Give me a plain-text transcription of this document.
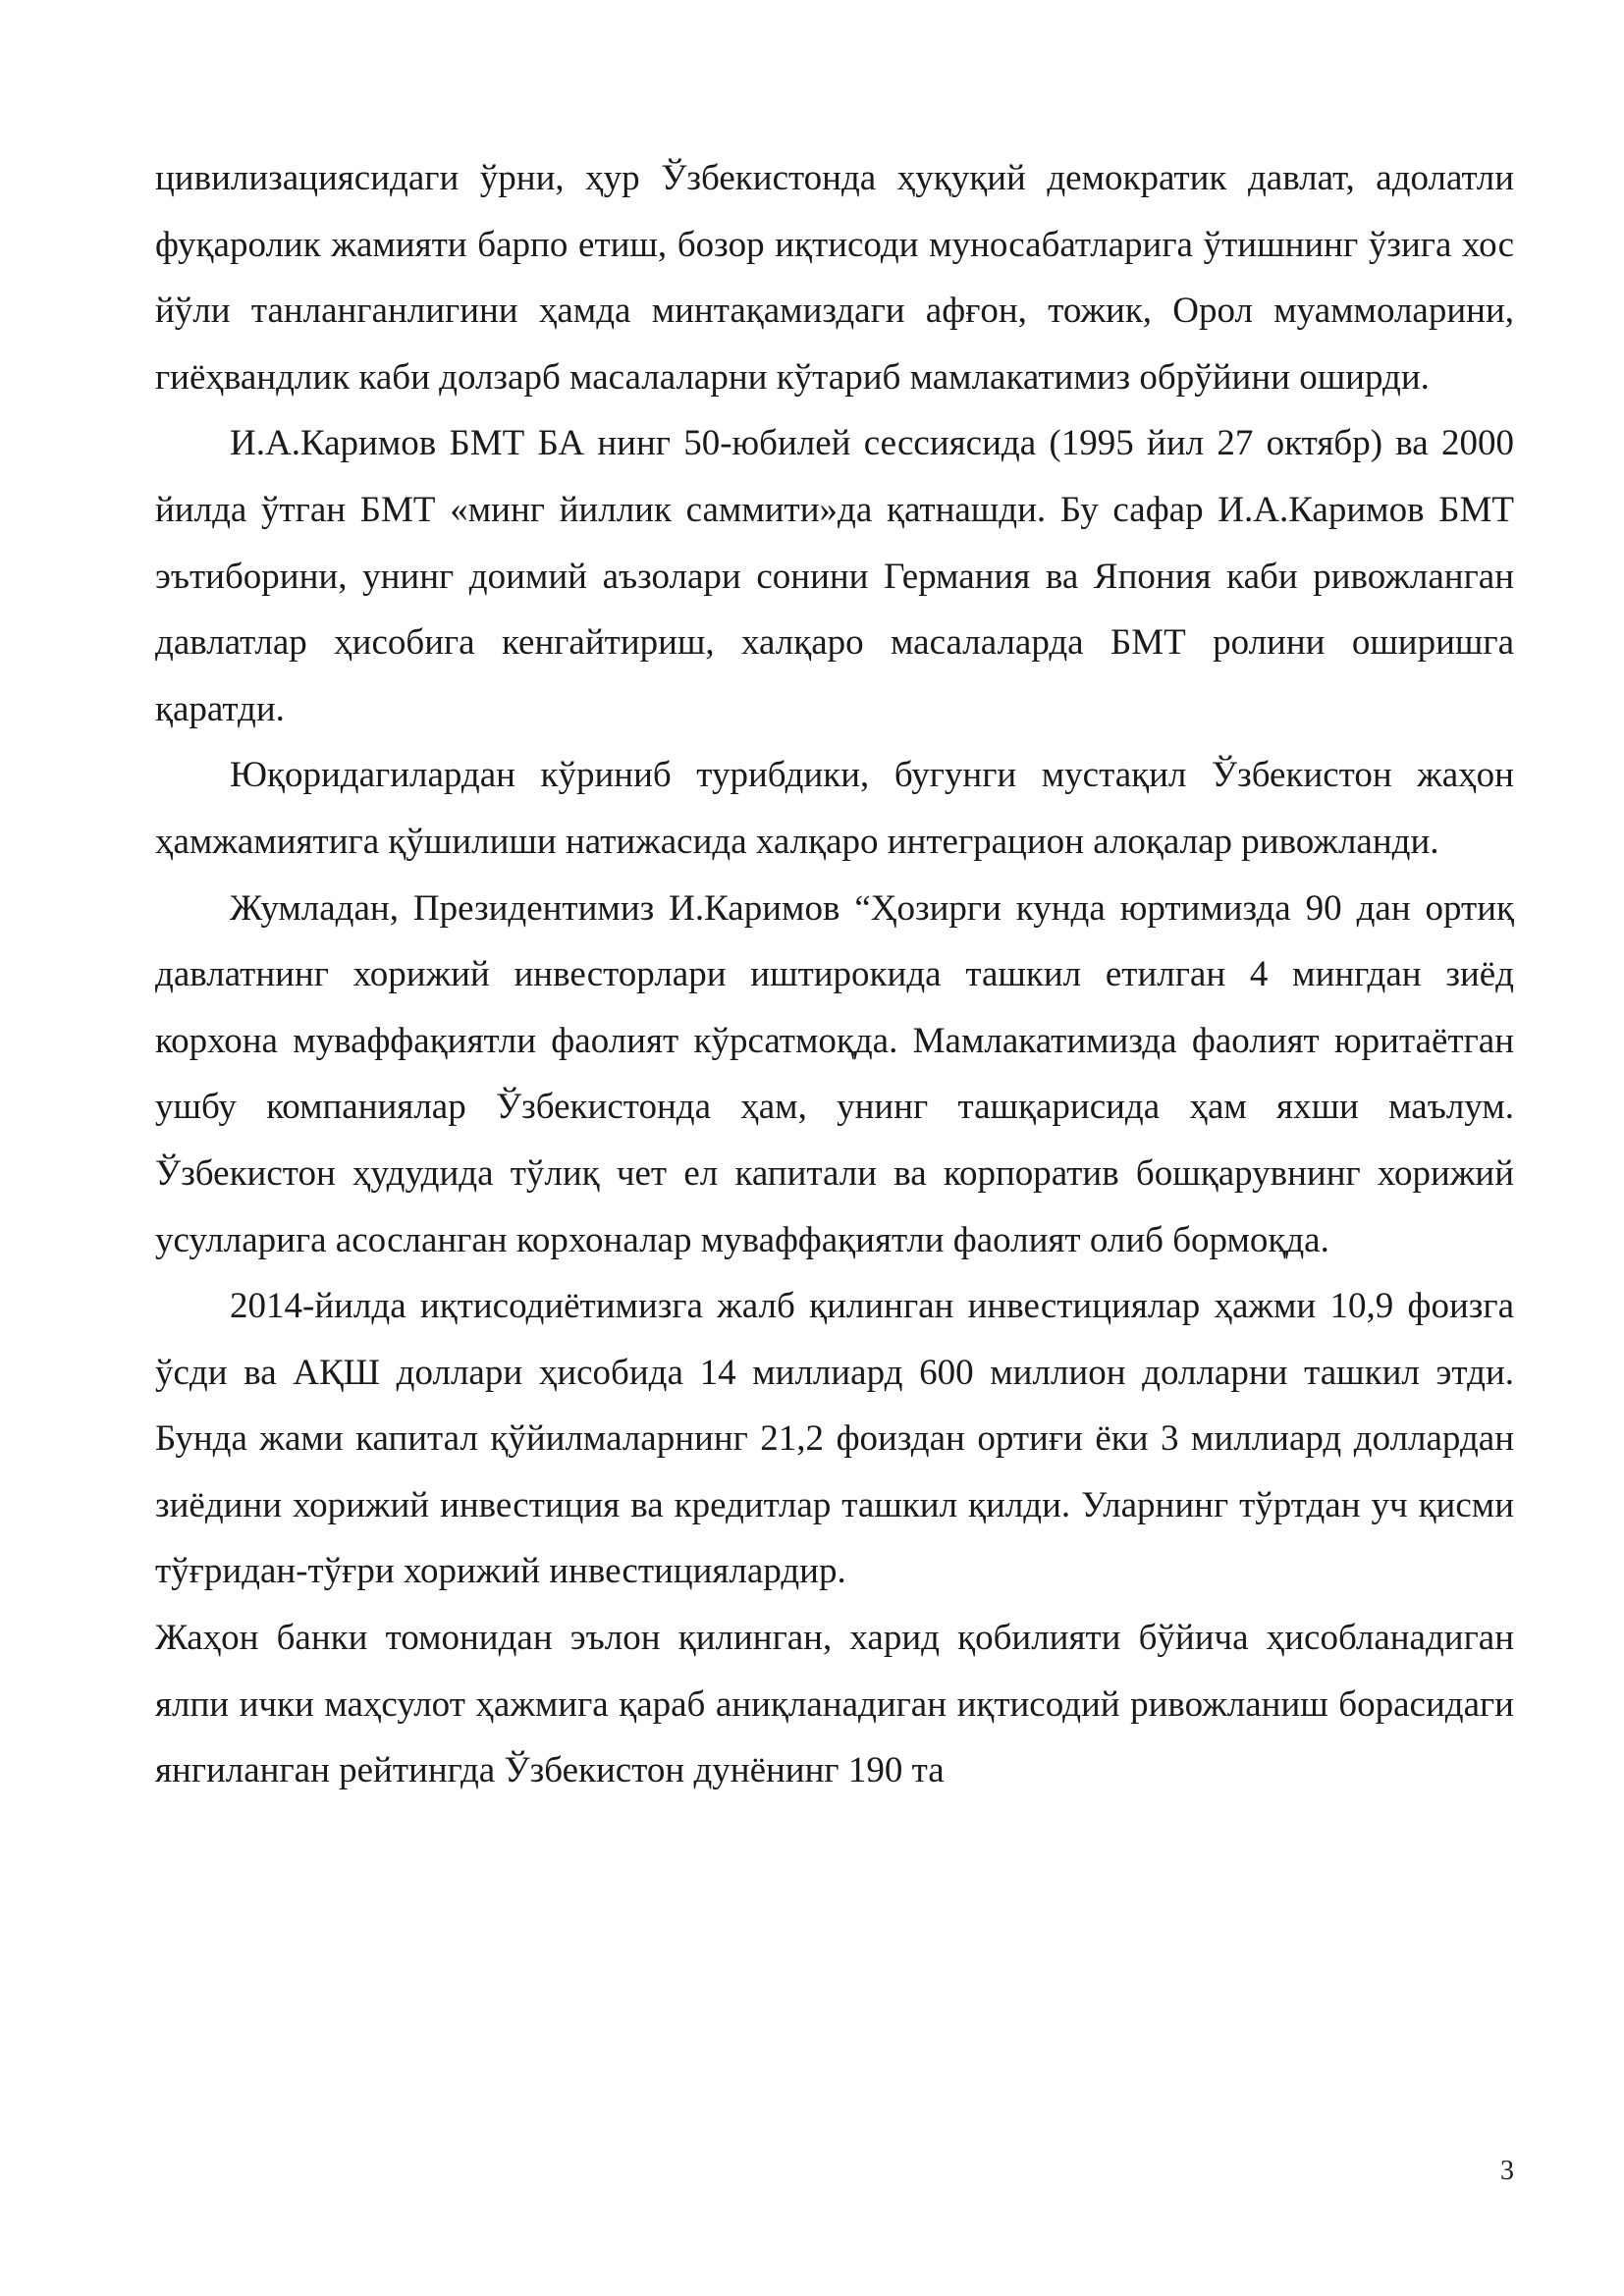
цивилизациясидаги ўрни, ҳур Ўзбекистонда ҳуқуқий демократик давлат, адолатли фуқаролик жамияти барпо етиш, бозор иқтисоди муносабатларига ўтишнинг ўзига хос йўли танланганлигини ҳамда минтақамиздаги афғон, тожик, Орол муаммоларини, гиёҳвандлик каби долзарб масалаларни кўтариб мамлакатимиз обрўйини оширди.

И.А.Каримов БМТ БА нинг 50-юбилей сессиясида (1995 йил 27 октябр) ва 2000 йилда ўтган БМТ «минг йиллик саммити»да қатнашди. Бу сафар И.А.Каримов БМТ эътиборини, унинг доимий аъзолари сонини Германия ва Япония каби ривожланган давлатлар ҳисобига кенгайтириш, халқаро масалаларда БМТ ролини оширишга қаратди.

Юқоридагилардан кўриниб турибдики, бугунги мустақил Ўзбекистон жаҳон ҳамжамиятига қўшилиши натижасида халқаро интеграцион алоқалар ривожланди.

Жумладан, Президентимиз И.Каримов “Ҳозирги кунда юртимизда 90 дан ортиқ давлатнинг хорижий инвесторлари иштирокида ташкил етилган 4 мингдан зиёд корхона муваффақиятли фаолият кўрсатмоқда. Мамлакатимизда фаолият юритаётган ушбу компаниялар Ўзбекистонда ҳам, унинг ташқарисида ҳам яхши маълум. Ўзбекистон ҳудудида тўлиқ чет ел капитали ва корпоратив бошқарувнинг хорижий усулларига асосланган корхоналар муваффақиятли фаолият олиб бормоқда.

2014-йилда иқтисодиётимизга жалб қилинган инвестициялар ҳажми 10,9 фоизга ўсди ва АҚШ доллари ҳисобида 14 миллиард 600 миллион долларни ташкил этди. Бунда жами капитал қўйилмаларнинг 21,2 фоиздан ортиғи ёки 3 миллиард доллардан зиёдини хорижий инвестиция ва кредитлар ташкил қилди. Уларнинг тўртдан уч қисми тўғридан-тўғри хорижий инвестициялардир.

Жаҳон банки томонидан эълон қилинган, харид қобилияти бўйича ҳисобланадиган ялпи ички маҳсулот ҳажмига қараб аниқланадиган иқтисодий ривожланиш борасидаги янгиланган рейтингда Ўзбекистон дунёнинг 190 та

3
